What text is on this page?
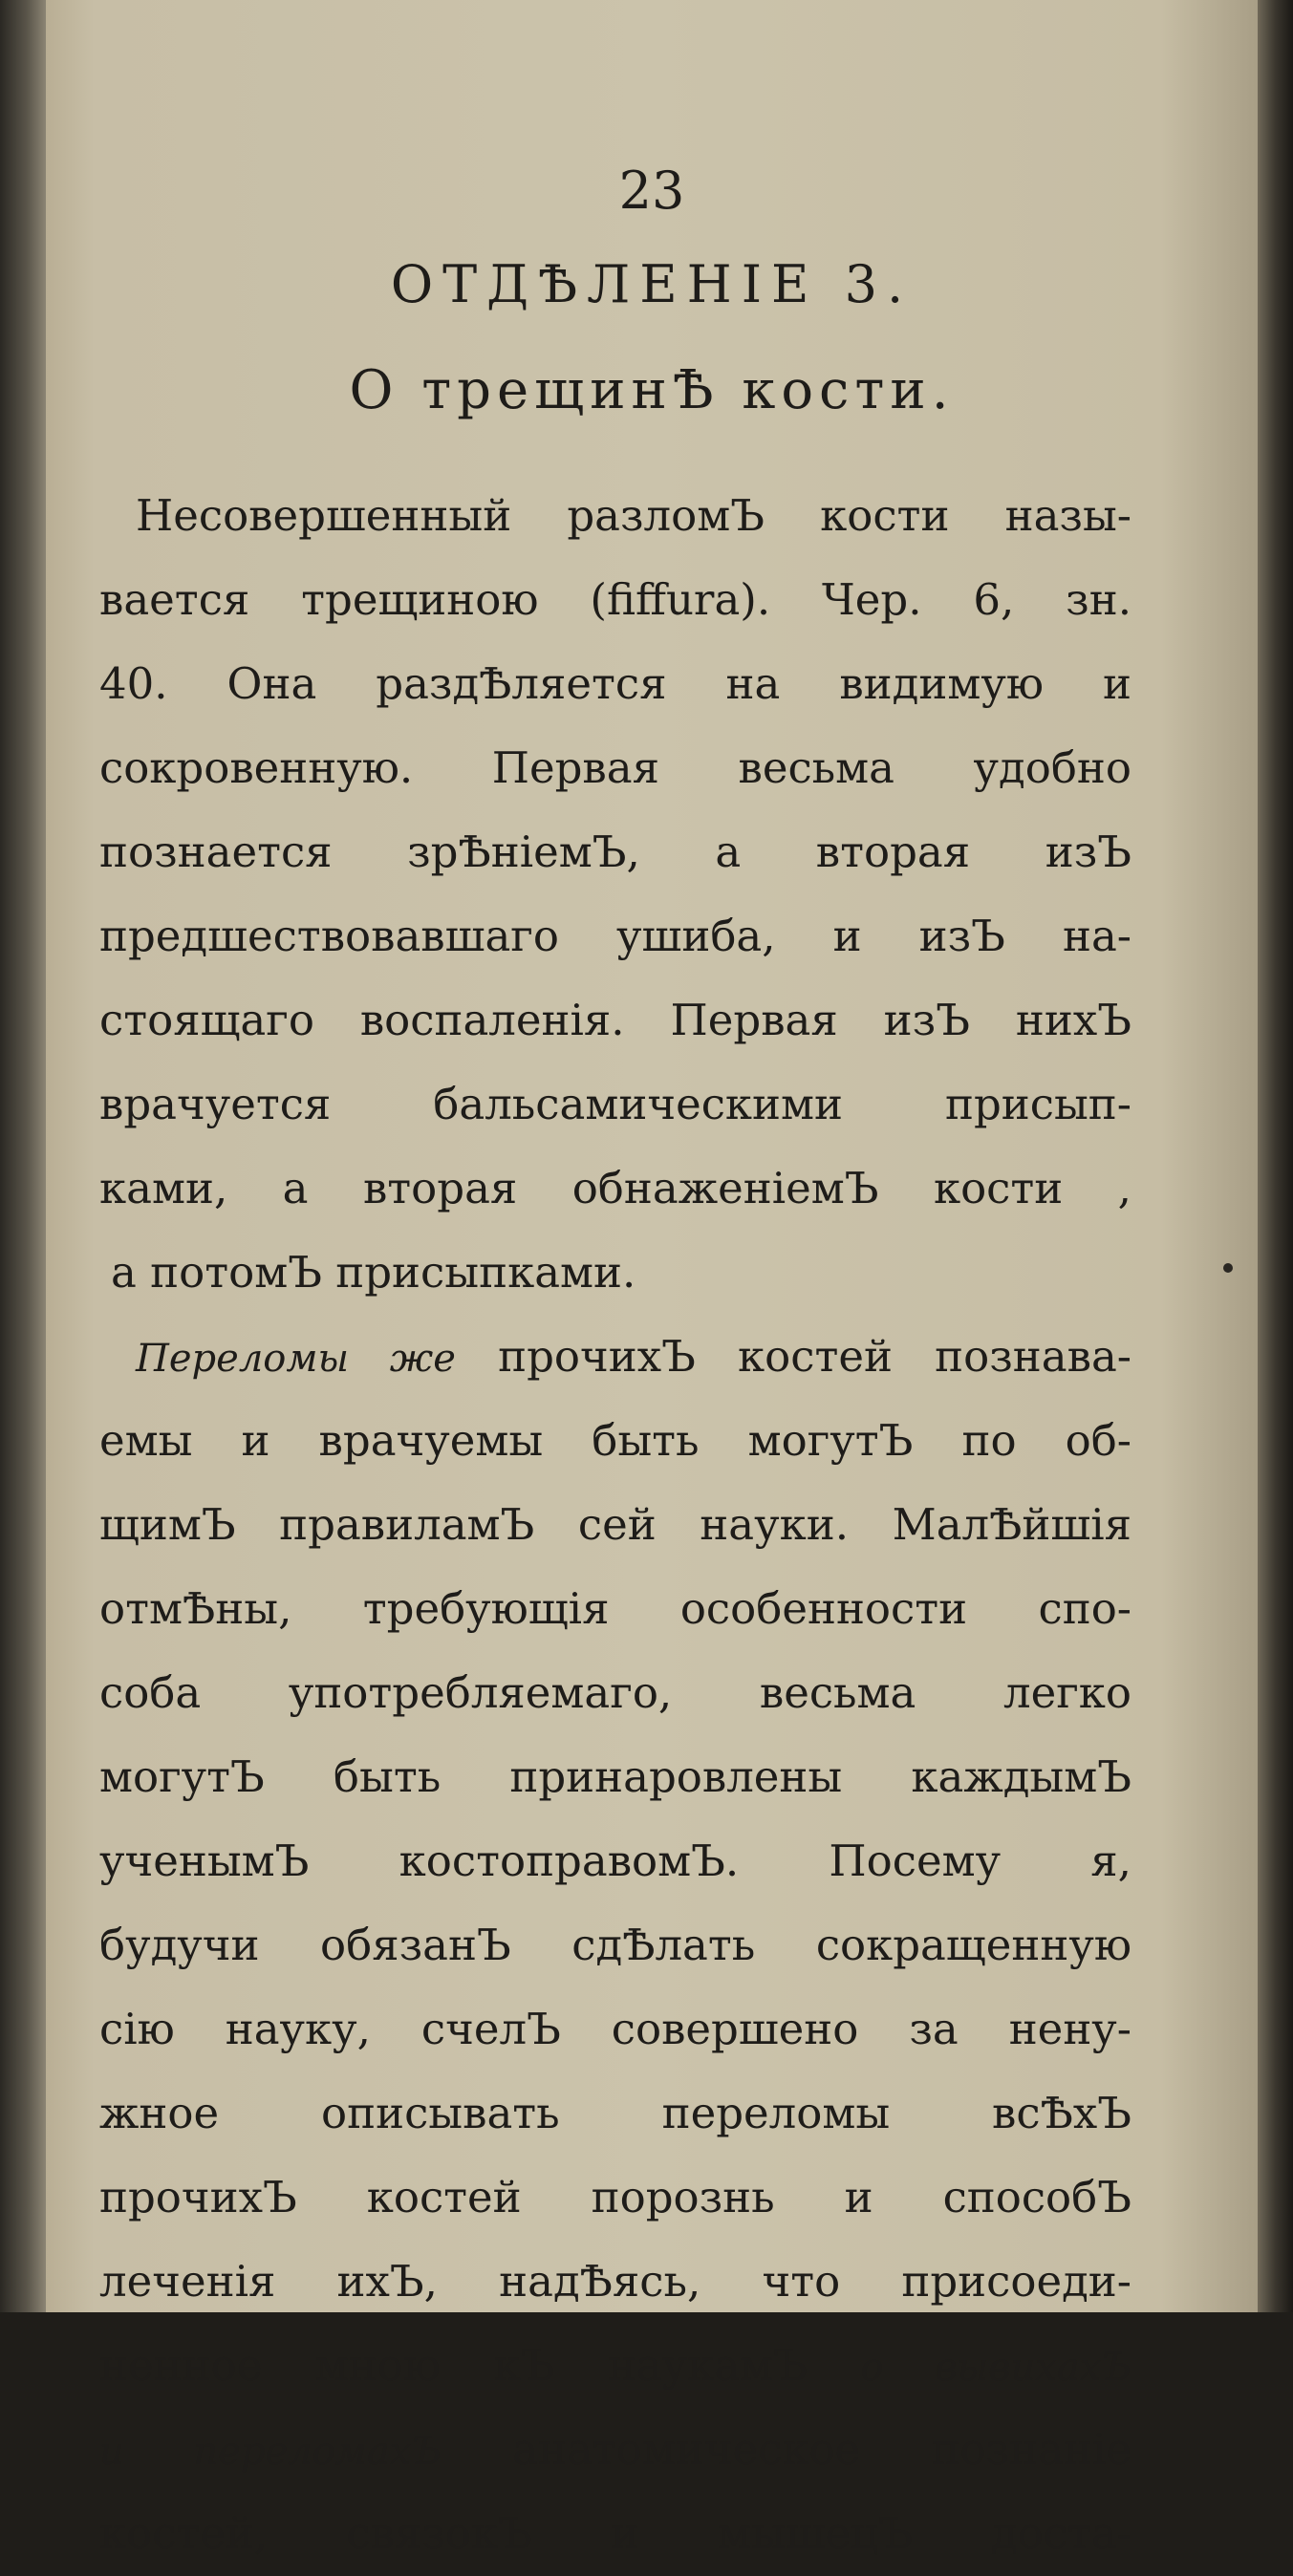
23

ОТДѢЛЕНІЕ 3.
О трещинѢ кости.
Несовершенный разломЪ кости назы-
вается трещиною (fiffura). Чер. 6, зн.
40. Она раздѢляется на видимую и
сокровенную. Первая весьма удобно
познается зрѢніемЪ, а вторая изЪ
предшествовавшаго ушиба, и изЪ на-
стоящаго воспаленія. Первая изЪ нихЪ
врачуется бальсамическими присып-
ками, а вторая обнаженіемЪ кости ,
а потомЪ присыпками.
Переломы же прочихЪ костей познава-
емы и врачуемы быть могутЪ по об-
щимЪ правиламЪ сей науки. МалѢйшія
отмѢны, требующія особенности спо-
соба употребляемаго, весьма легко
могутЪ быть принаровлены каждымЪ
ученымЪ костоправомЪ. Посему я,
будучи обязанЪ сдѢлать сокращенную
сію науку, счелЪ совершено за нену-
жное описывать переломы всѢхЪ
прочихЪ костей порознь и способЪ
леченія ихЪ, надѢясь, что присоеди-
ненное мною кЪ наукамЪ о вывихахЪ
и переломахЪ анатомическое познаніе
костей, связокЪ и мышецЪ доста-
